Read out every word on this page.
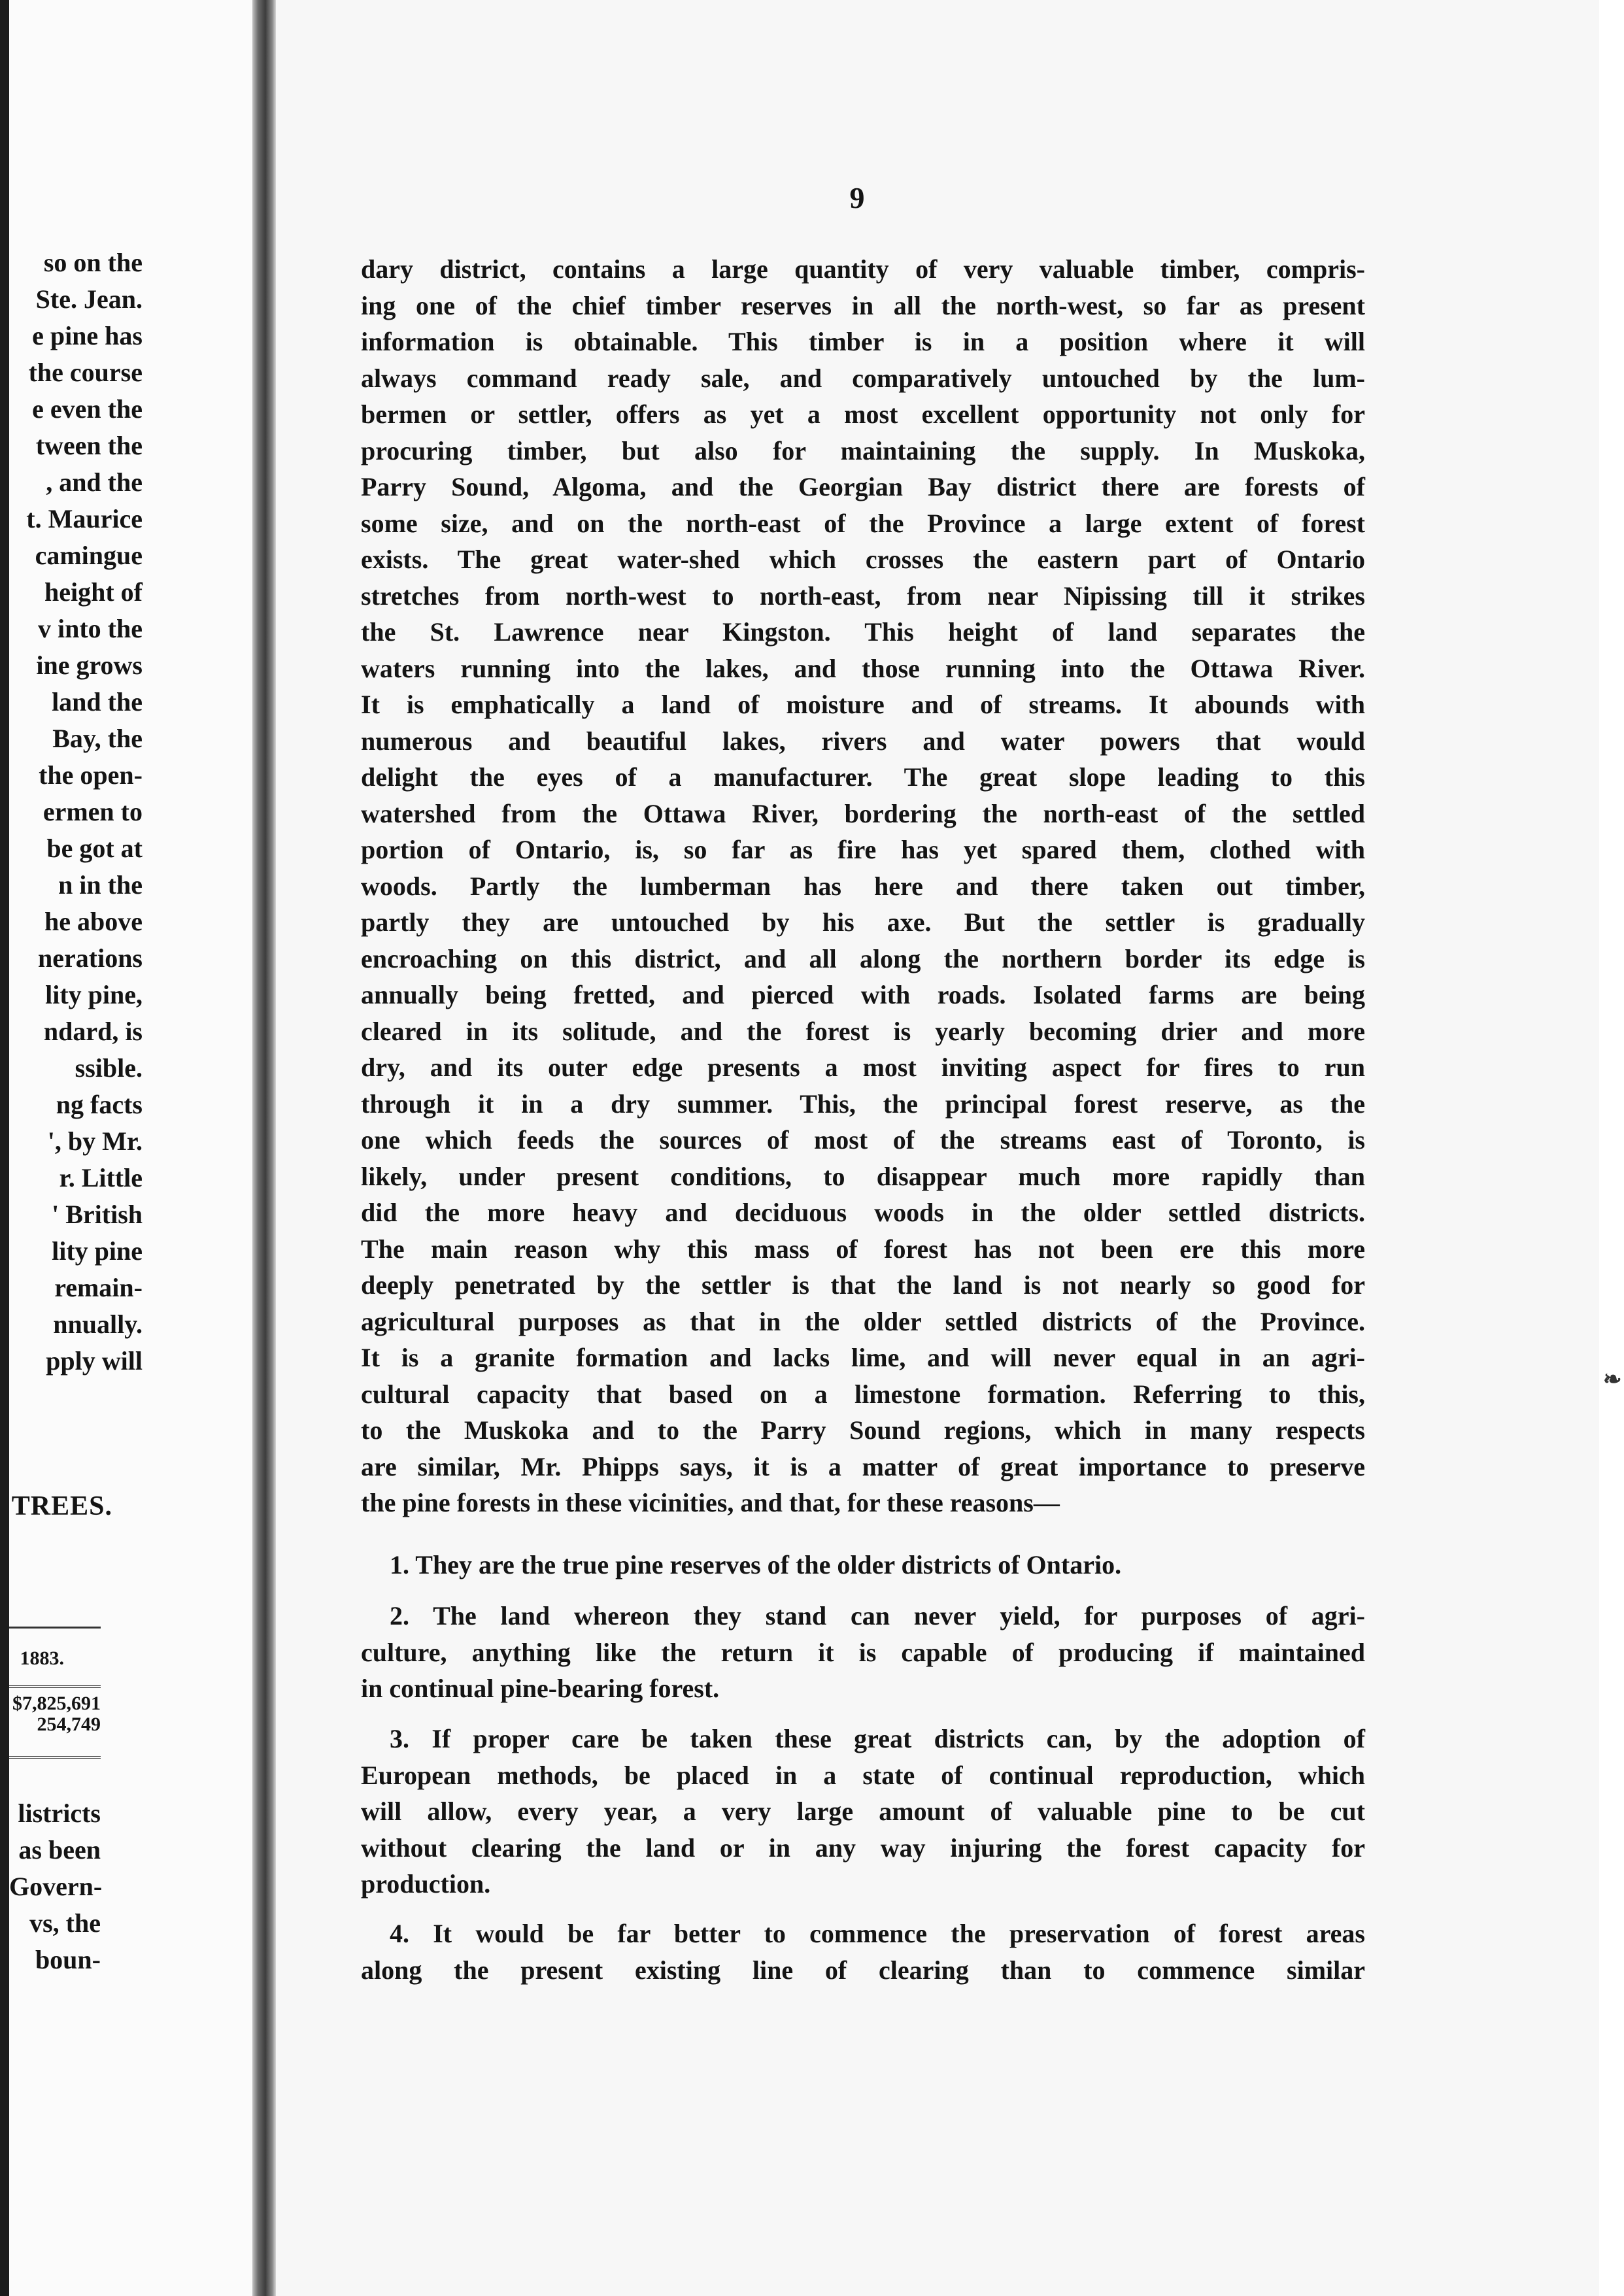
so on the
Ste. Jean.
e pine has
the course
e even the
tween the
, and the
t. Maurice
camingue
height of
v into the
ine grows
land the
Bay, the
the open-
ermen to
be got at
n in the
he above
nerations
lity pine,
ndard, is
ssible.
ng facts
', by Mr.
r. Little
' British
lity pine
remain-
nnually.
pply will
TREES.
1883.
$7,825,691
254,749
listricts
as been
Govern-
vs, the
boun-
9
dary district, contains a large quantity of very valuable timber, compris-
ing one of the chief timber reserves in all the north-west, so far as present
information is obtainable. This timber is in a position where it will
always command ready sale, and comparatively untouched by the lum-
bermen or settler, offers as yet a most excellent opportunity not only for
procuring timber, but also for maintaining the supply. In Muskoka,
Parry Sound, Algoma, and the Georgian Bay district there are forests of
some size, and on the north-east of the Province a large extent of forest
exists. The great water-shed which crosses the eastern part of Ontario
stretches from north-west to north-east, from near Nipissing till it strikes
the St. Lawrence near Kingston. This height of land separates the
waters running into the lakes, and those running into the Ottawa River.
It is emphatically a land of moisture and of streams. It abounds with
numerous and beautiful lakes, rivers and water powers that would
delight the eyes of a manufacturer. The great slope leading to this
watershed from the Ottawa River, bordering the north-east of the settled
portion of Ontario, is, so far as fire has yet spared them, clothed with
woods. Partly the lumberman has here and there taken out timber,
partly they are untouched by his axe. But the settler is gradually
encroaching on this district, and all along the northern border its edge is
annually being fretted, and pierced with roads. Isolated farms are being
cleared in its solitude, and the forest is yearly becoming drier and more
dry, and its outer edge presents a most inviting aspect for fires to run
through it in a dry summer. This, the principal forest reserve, as the
one which feeds the sources of most of the streams east of Toronto, is
likely, under present conditions, to disappear much more rapidly than
did the more heavy and deciduous woods in the older settled districts.
The main reason why this mass of forest has not been ere this more
deeply penetrated by the settler is that the land is not nearly so good for
agricultural purposes as that in the older settled districts of the Province.
It is a granite formation and lacks lime, and will never equal in an agri-
cultural capacity that based on a limestone formation. Referring to this,
to the Muskoka and to the Parry Sound regions, which in many respects
are similar, Mr. Phipps says, it is a matter of great importance to preserve
the pine forests in these vicinities, and that, for these reasons—
1. They are the true pine reserves of the older districts of Ontario.
2. The land whereon they stand can never yield, for purposes of agri-
culture, anything like the return it is capable of producing if maintained
in continual pine-bearing forest.
3. If proper care be taken these great districts can, by the adoption of
European methods, be placed in a state of continual reproduction, which
will allow, every year, a very large amount of valuable pine to be cut
without clearing the land or in any way injuring the forest capacity for
production.
4. It would be far better to commence the preservation of forest areas
along the present existing line of clearing than to commence similar
❧
